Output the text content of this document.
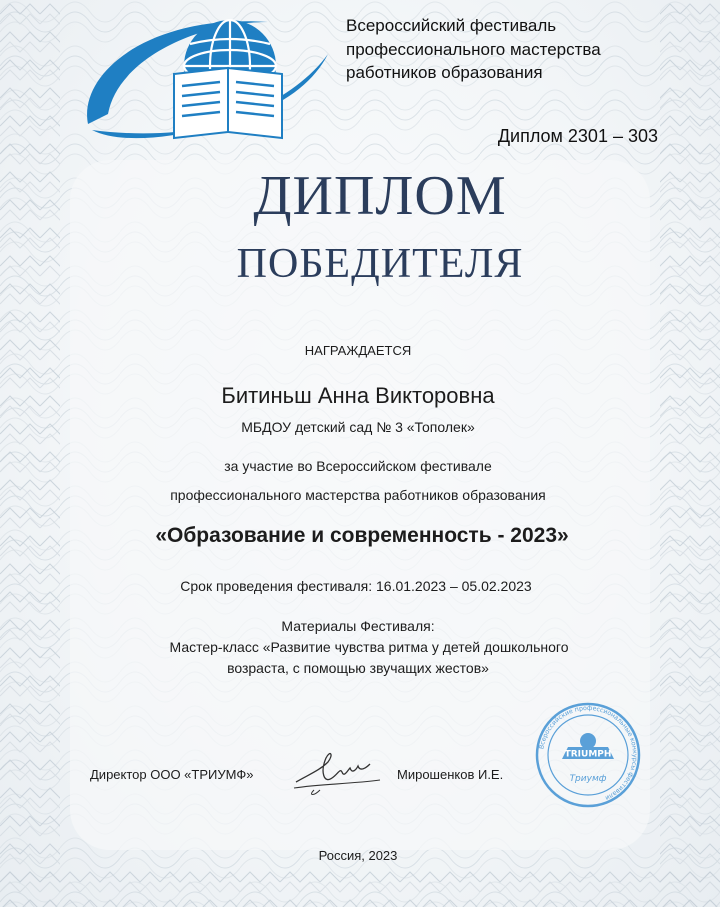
Всероссийский фестиваль
профессионального мастерства
работников образования
Диплом 2301 – 303
ДИПЛОМ
ПОБЕДИТЕЛЯ
НАГРАЖДАЕТСЯ
Битиньш Анна Викторовна
МБДОУ детский сад № 3 «Тополек»
за участие во Всероссийском фестивале
профессионального мастерства работников образования
«Образование и современность - 2023»
Срок проведения фестиваля: 16.01.2023 – 05.02.2023
Материалы Фестиваля:
Мастер-класс «Развитие чувства ритма у детей дошкольного
возраста, с помощью звучащих жестов»
Директор ООО «ТРИУМФ»	Мирошенков И.Е.
Всероссийские профессиональные конкурсы фестивали
TRIUMPH
Триумф
Россия, 2023
